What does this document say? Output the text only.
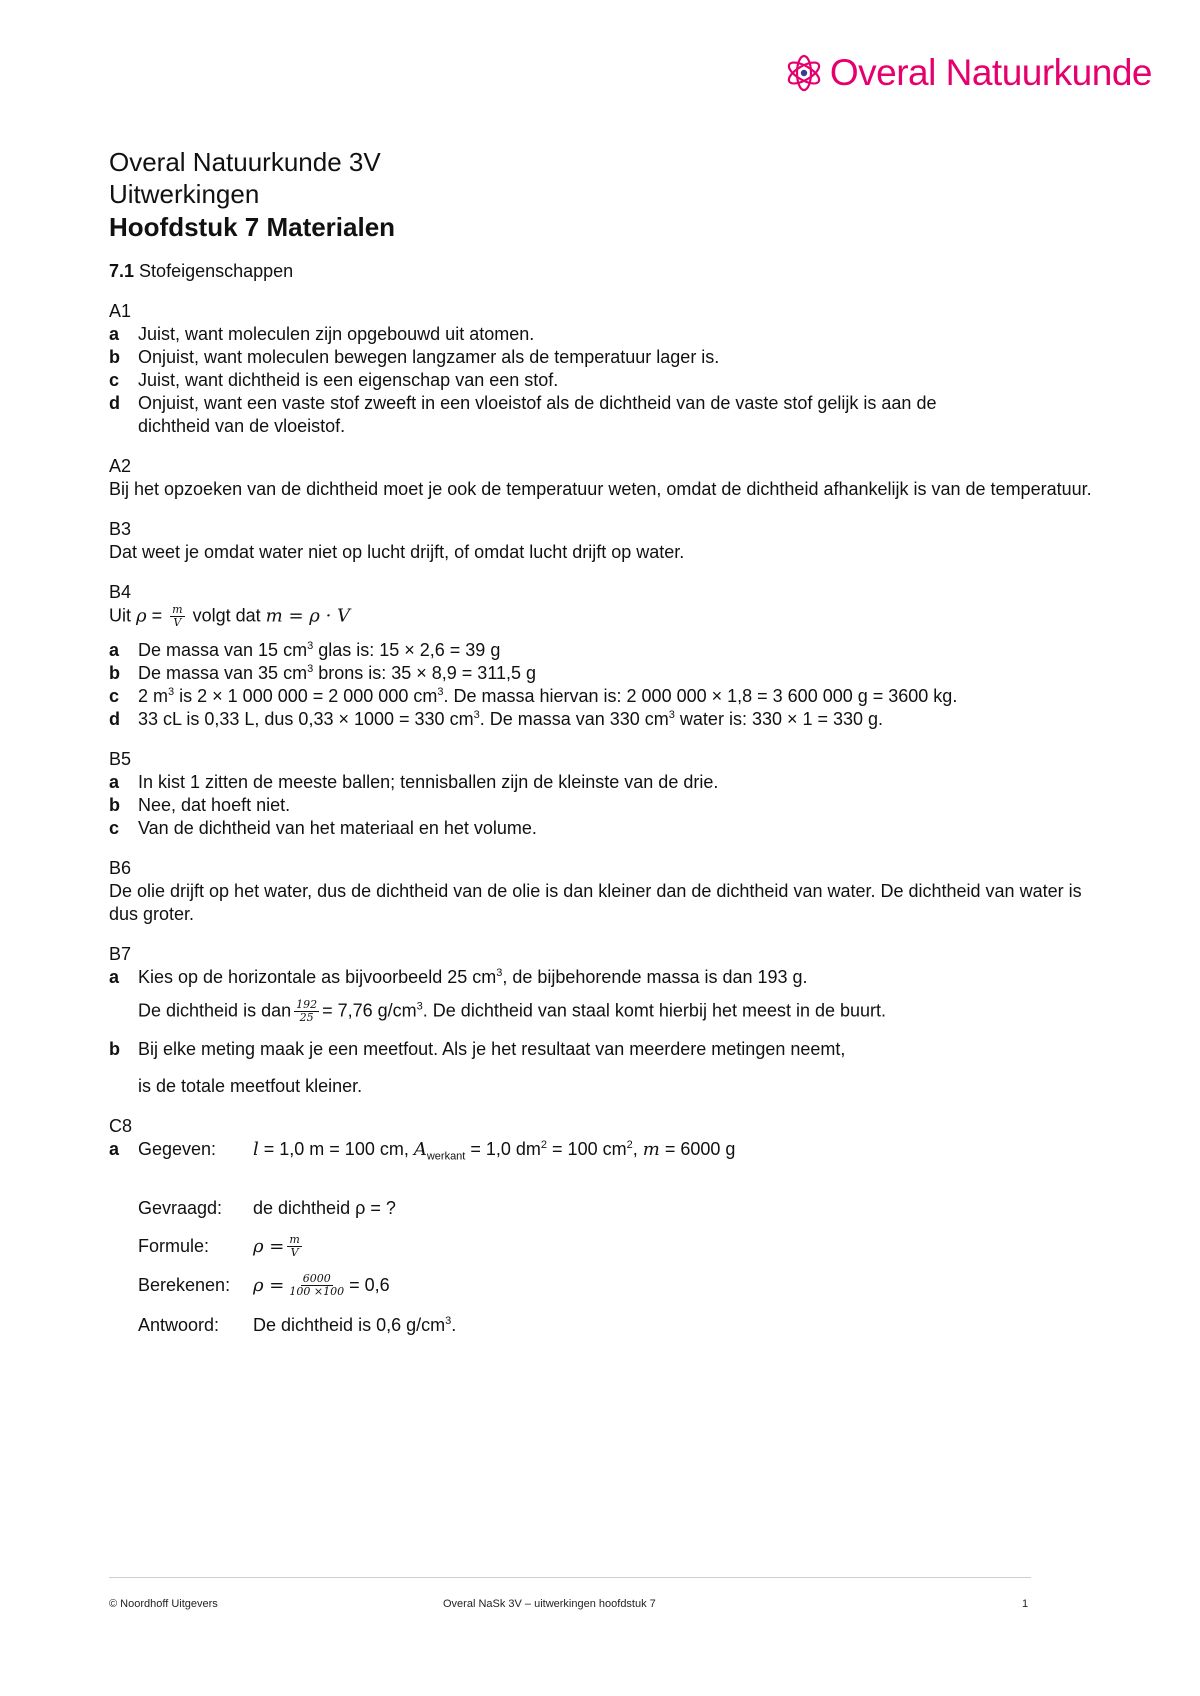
Overal Natuurkunde
Overal Natuurkunde 3V
Uitwerkingen
Hoofdstuk 7 Materialen
7.1 Stofeigenschappen
A1
a	Juist, want moleculen zijn opgebouwd uit atomen.
b	Onjuist, want moleculen bewegen langzamer als de temperatuur lager is.
c	Juist, want dichtheid is een eigenschap van een stof.
d	Onjuist, want een vaste stof zweeft in een vloeistof als de dichtheid van de vaste stof gelijk is aan de dichtheid van de vloeistof.
A2
Bij het opzoeken van de dichtheid moet je ook de temperatuur weten, omdat de dichtheid afhankelijk is van de temperatuur.
B3
Dat weet je omdat water niet op lucht drijft, of omdat lucht drijft op water.
B4
Uit $\rho = \frac{m}{V}$ volgt dat m = ρ · V
a	De massa van 15 $cm^3$ glas is: 15 × 2,6 = 39 g
b	De massa van 35 $cm^3$ brons is: 35 × 8,9 = 311,5 g
c	2 $m^3$ is 2 × 1 000 000 = 2 000 000 $cm^3$. De massa hiervan is: 2 000 000 × 1,8 = 3 600 000 g = 3600 kg.
d	33 cL is 0,33 L, dus 0,33 × 1000 = 330 $cm^3$. De massa van 330 $cm^3$ water is: 330 × 1 = 330 g.
B5
a	In kist 1 zitten de meeste ballen; tennisballen zijn de kleinste van de drie.
b	Nee, dat hoeft niet.
c	Van de dichtheid van het materiaal en het volume.
B6
De olie drijft op het water, dus de dichtheid van de olie is dan kleiner dan de dichtheid van water. De dichtheid van water is dus groter.
B7
a	Kies op de horizontale as bijvoorbeeld 25 $cm^3$, de bijbehorende massa is dan 193 g.
De dichtheid is dan $\frac{192}{25} = 7,76$ $g/cm^3$. De dichtheid van staal komt hierbij het meest in de buurt.
b	Bij elke meting maak je een meetfout. Als je het resultaat van meerdere metingen neemt,
is de totale meetfout kleiner.
C8
a	Gegeven:	l = 1,0 m = 100 cm, $A_{werkant} = 1,0$ $dm^2 = 100$ $cm^2$, m = 6000 g
Gevraagd:	de dichtheid ρ = ?
Formule:	$\rho = \frac{m}{V}$
Berekenen:	$\rho = \frac{6000}{100 \times 100} = 0,6$
Antwoord:	De dichtheid is 0,6 $g/cm^3$.
© Noordhoff Uitgevers	Overal NaSk 3V – uitwerkingen hoofdstuk 7	1
